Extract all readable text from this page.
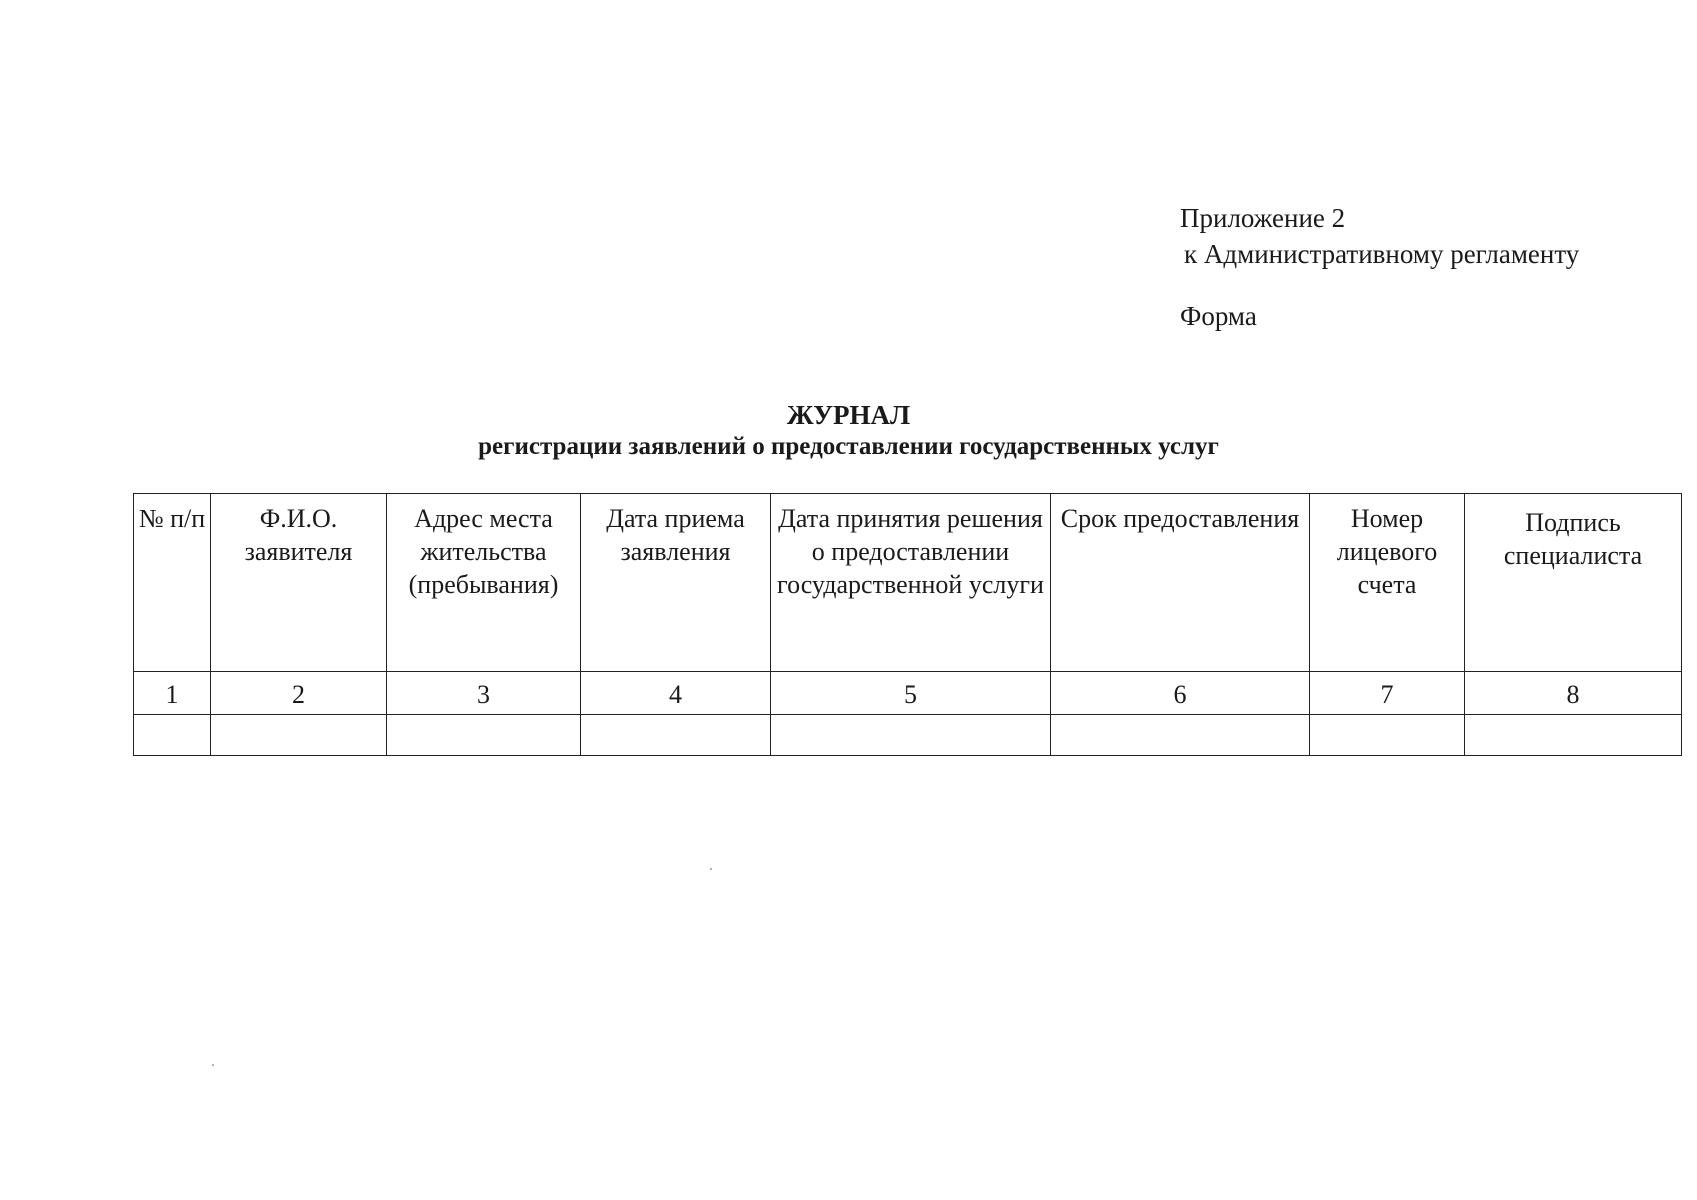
Приложение 2
к Административному регламенту
Форма
ЖУРНАЛ
регистрации заявлений о предоставлении государственных услуг
№ п/п	Ф.И.О. заявителя	Адрес места жительства (пребывания)	Дата приема заявления	Дата принятия решения о предоставлении государственной услуги	Срок предоставления	Номер лицевого счета	Подпись специалиста
1	2	3	4	5	6	7	8
